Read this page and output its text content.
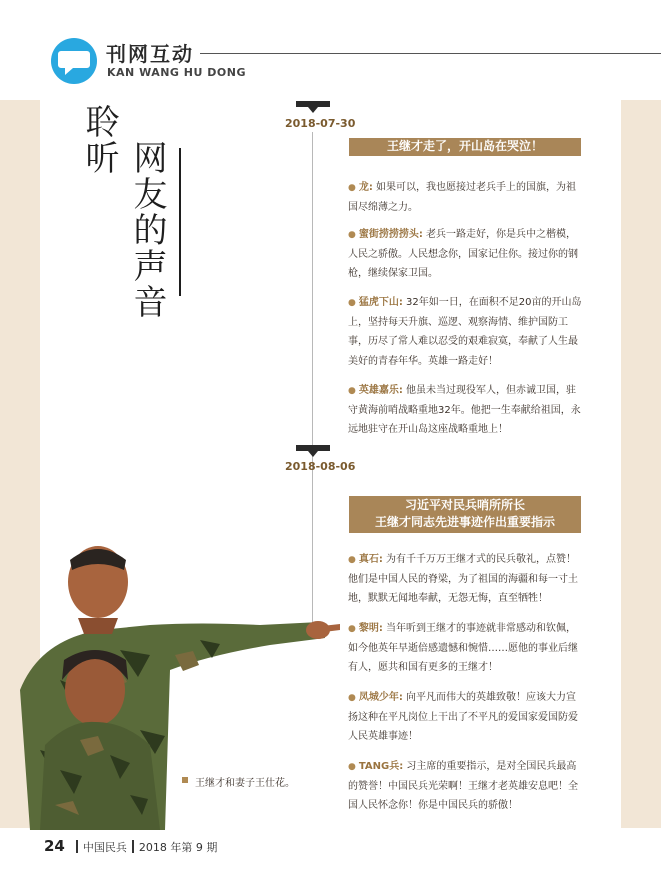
刊网互动
KAN WANG HU DONG
聆听 网友的声音
2018-07-30
2018-08-06
王继才走了，开山岛在哭泣！
● 龙: 如果可以，我也愿接过老兵手上的国旗，为祖国尽绵薄之力。
● 蜜街捞捞捞头: 老兵一路走好，你是兵中之楷模，人民之骄傲。人民想念你，国家记住你。接过你的钢枪，继续保家卫国。
● 猛虎下山: 32年如一日，在面积不足20亩的开山岛上，坚持每天升旗、巡逻、观察海情、维护国防工事，历尽了常人难以忍受的艰难寂寞，奉献了人生最美好的青春年华。英雄一路走好！
● 英雄嘉乐: 他虽未当过现役军人，但赤诚卫国，驻守黄海前哨战略重地32年。他把一生奉献给祖国，永远地驻守在开山岛这座战略重地上！
习近平对民兵哨所所长
王继才同志先进事迹作出重要指示
● 真石: 为有千千万万王继才式的民兵敬礼，点赞！他们是中国人民的脊梁，为了祖国的海疆和每一寸土地，默默无闻地奉献，无怨无悔，直至牺牲！
● 黎明: 当年听到王继才的事迹就非常感动和钦佩，如今他英年早逝倍感遗憾和惋惜……愿他的事业后继有人，愿共和国有更多的王继才！
● 凤城少年: 向平凡而伟大的英雄致敬！应该大力宣扬这种在平凡岗位上干出了不平凡的爱国家爱国防爱人民英雄事迹！
● TANG兵: 习主席的重要指示，是对全国民兵最高的赞誉！中国民兵光荣啊！王继才老英雄安息吧！全国人民怀念你！你是中国民兵的骄傲！
王继才和妻子王仕花。
24 中国民兵 2018 年第 9 期
